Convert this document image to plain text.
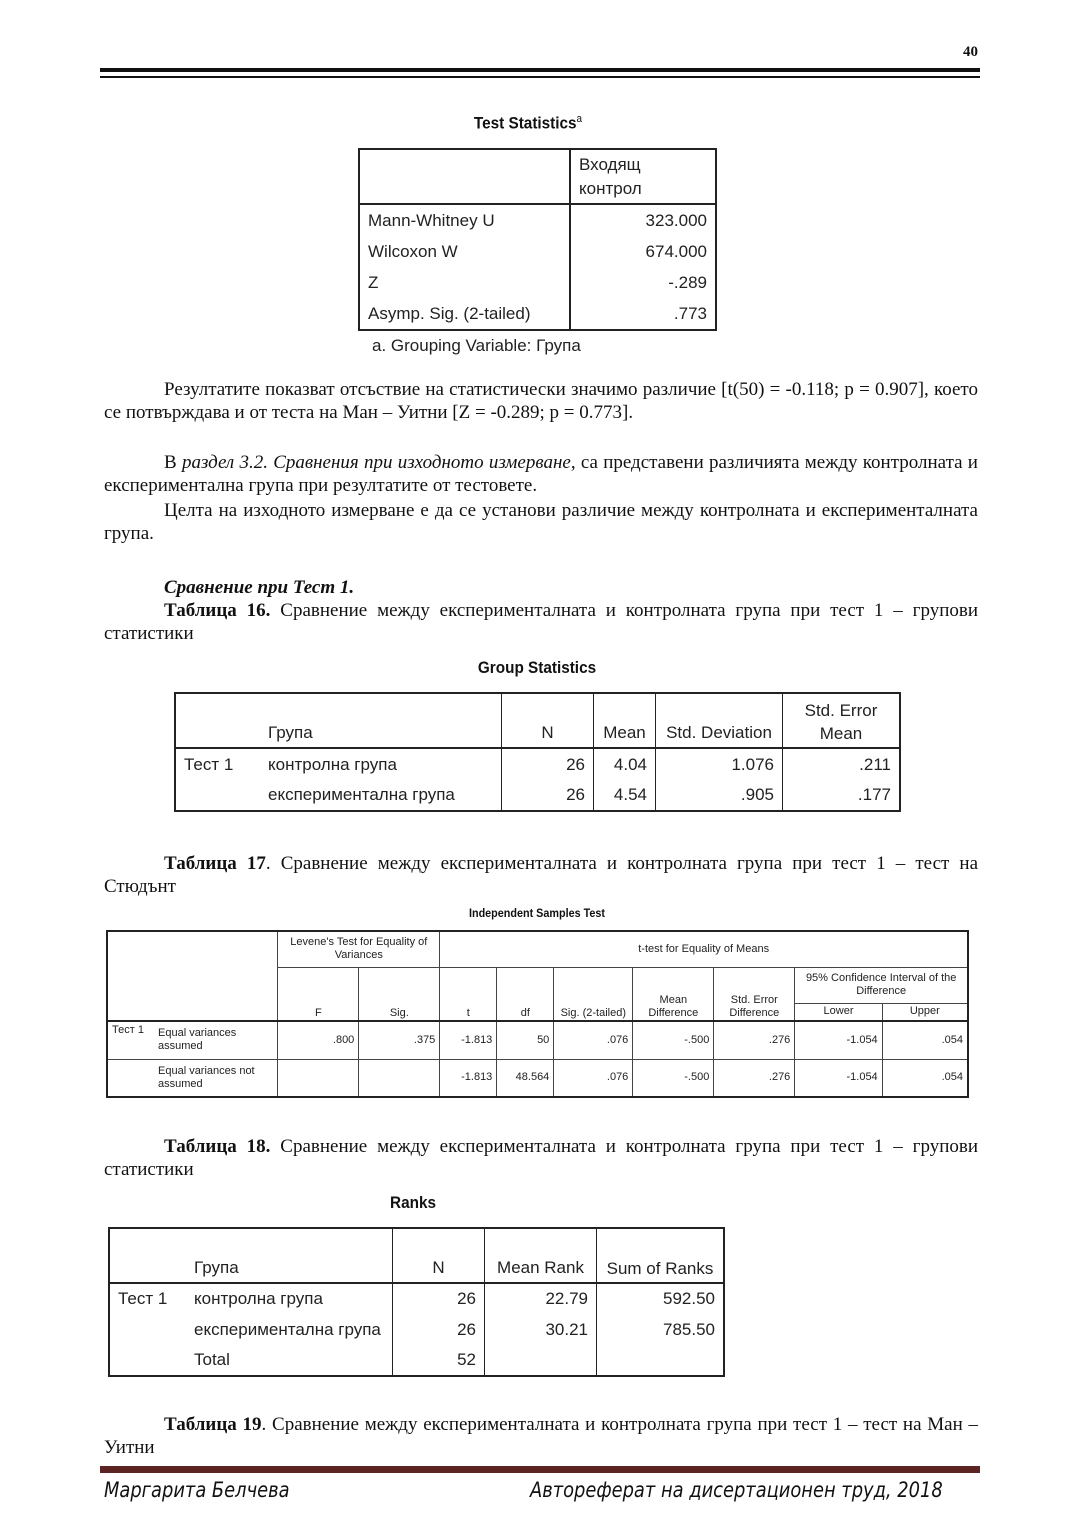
40
Test Statistics$^a$
	Входящ контрол
Mann-Whitney U	323.000
Wilcoxon W	674.000
Z	-.289
Asymp. Sig. (2-tailed)	.773
a. Grouping Variable: Група
Резултатите показват отсъствие на статистически значимо различие [t(50) = -0.118; p = 0.907], което се потвърждава и от теста на Ман – Уитни [Z = -0.289; p = 0.773].
В раздел 3.2. Сравнения при изходното измерване, са представени различията между контролната и експериментална група при резултатите от тестовете.
Целта на изходното измерване е да се установи различие между контролната и експерименталната група.
Сравнение при Тест 1.
Таблица 16. Сравнение между експерименталната и контролната група при тест 1 – групови статистики
Group Statistics
	Група	N	Mean	Std. Deviation	Std. Error Mean
Тест 1	контролна група	26	4.04	1.076	.211
	експериментална група	26	4.54	.905	.177
Таблица 17. Сравнение между експерименталната и контролната група при тест 1 – тест на Стюдънт
Independent Samples Test
		Levene's Test for Equality of Variances		t-test for Equality of Means						
		F	Sig.	t	df	Sig. (2-tailed)	Mean Difference	Std. Error Difference	95% Confidence Interval of the Difference	
									Lower	Upper
Тест 1	Equal variances assumed	.800	.375	-1.813	50	.076	-.500	.276	-1.054	.054
	Equal variances not assumed			-1.813	48.564	.076	-.500	.276	-1.054	.054
Таблица 18. Сравнение между експерименталната и контролната група при тест 1 – групови статистики
Ranks
	Група	N	Mean Rank	Sum of Ranks
Тест 1	контролна група	26	22.79	592.50
	експериментална група	26	30.21	785.50
	Total	52		
Таблица 19. Сравнение между експерименталната и контролната група при тест 1 – тест на Ман – Уитни
Маргарита Белчева	Автореферат на дисертационен труд, 2018
